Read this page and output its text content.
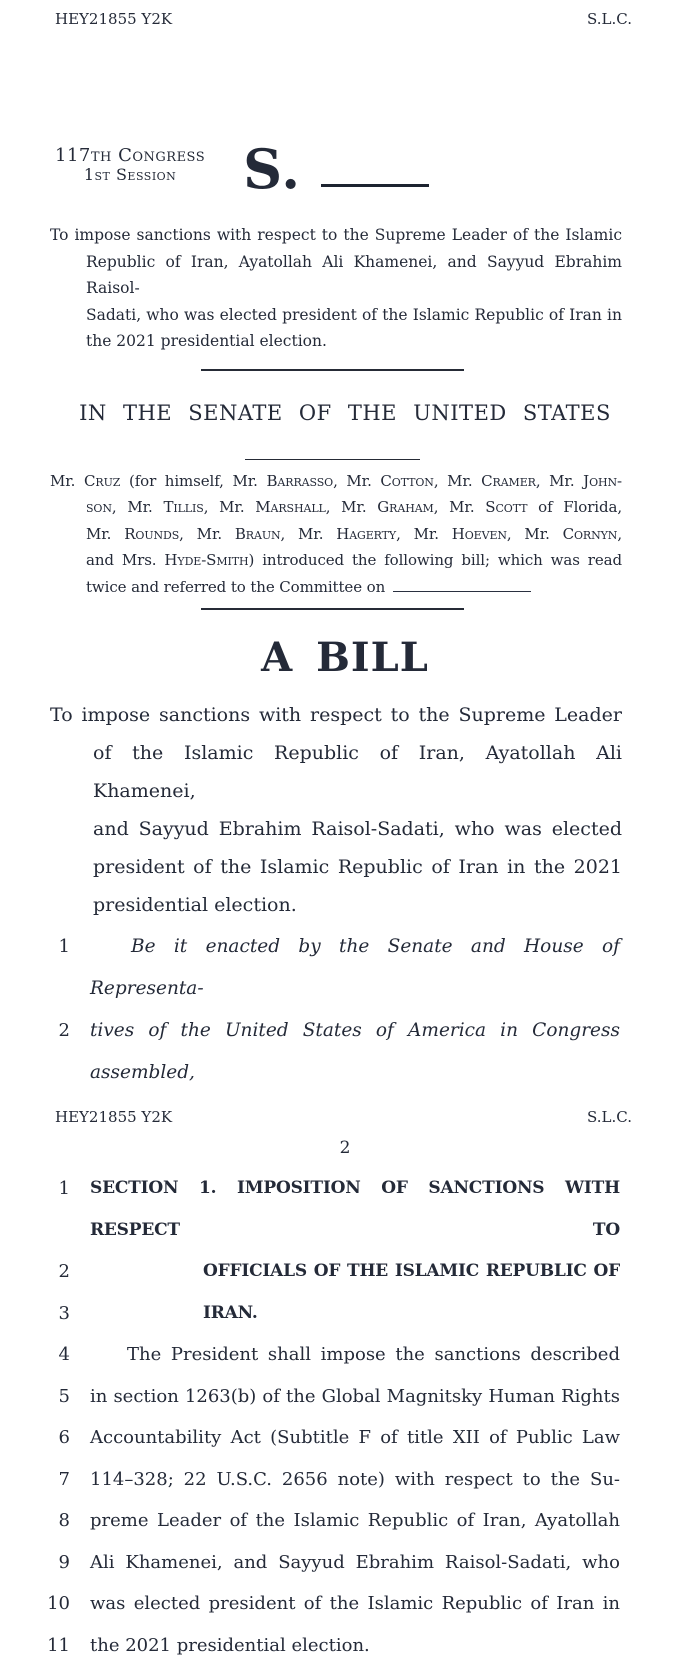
HEY21855 Y2K	S.L.C.
117th Congress
1st Session	S.
To impose sanctions with respect to the Supreme Leader of the Islamic
Republic of Iran, Ayatollah Ali Khamenei, and Sayyud Ebrahim Raisol-
Sadati, who was elected president of the Islamic Republic of Iran in
the 2021 presidential election.
IN THE SENATE OF THE UNITED STATES
Mr. Cruz (for himself, Mr. Barrasso, Mr. Cotton, Mr. Cramer, Mr. John-
son, Mr. Tillis, Mr. Marshall, Mr. Graham, Mr. Scott of Florida,
Mr. Rounds, Mr. Braun, Mr. Hagerty, Mr. Hoeven, Mr. Cornyn,
and Mrs. Hyde-Smith) introduced the following bill; which was read
twice and referred to the Committee on
A BILL
To impose sanctions with respect to the Supreme Leader
of the Islamic Republic of Iran, Ayatollah Ali Khamenei,
and Sayyud Ebrahim Raisol-Sadati, who was elected
president of the Islamic Republic of Iran in the 2021
presidential election.
1	Be it enacted by the Senate and House of Representa-
2 tives of the United States of America in Congress assembled,
HEY21855 Y2K	S.L.C.
2
1 SECTION 1. IMPOSITION OF SANCTIONS WITH RESPECT TO
2	OFFICIALS OF THE ISLAMIC REPUBLIC OF
3	IRAN.
4	The President shall impose the sanctions described
5 in section 1263(b) of the Global Magnitsky Human Rights
6 Accountability Act (Subtitle F of title XII of Public Law
7 114–328; 22 U.S.C. 2656 note) with respect to the Su-
8 preme Leader of the Islamic Republic of Iran, Ayatollah
9 Ali Khamenei, and Sayyud Ebrahim Raisol-Sadati, who
10 was elected president of the Islamic Republic of Iran in
11 the 2021 presidential election.
